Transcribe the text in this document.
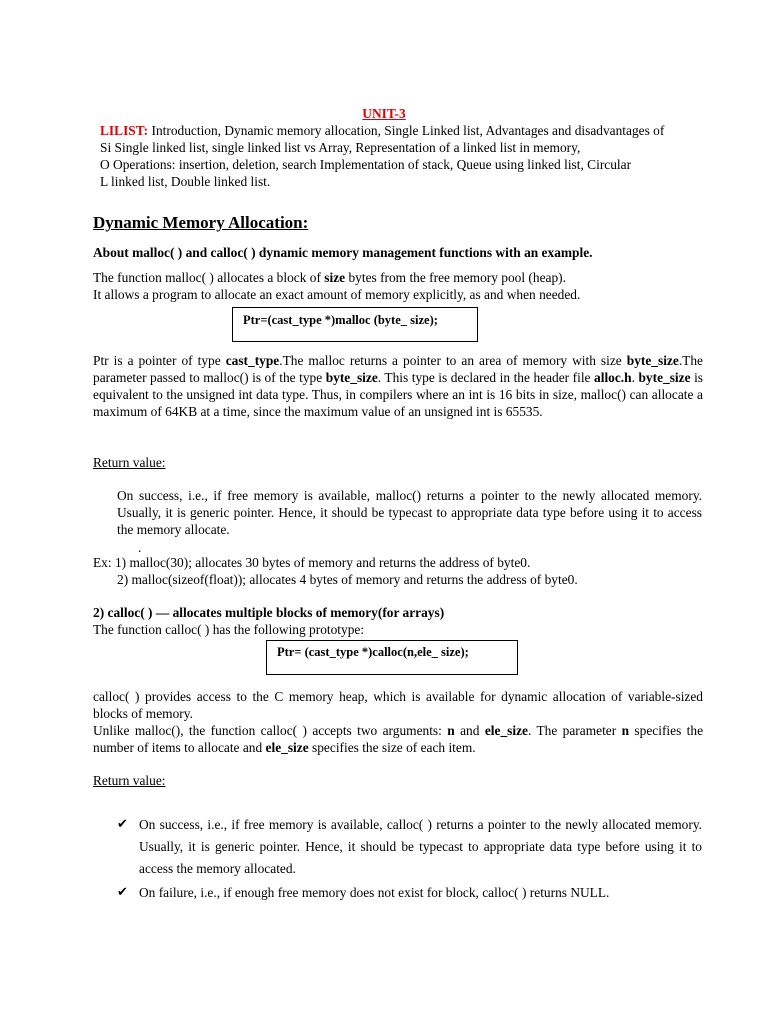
UNIT-3
LILIST: Introduction, Dynamic memory allocation, Single Linked list, Advantages and disadvantages of
Si Single linked list, single linked list vs Array, Representation of a linked list in memory,
O Operations: insertion, deletion, search Implementation of stack, Queue using linked list, Circular
L linked list, Double linked list.
Dynamic Memory Allocation:
About malloc( ) and calloc( ) dynamic memory management functions with an example.
The function malloc( ) allocates a block of size bytes from the free memory pool (heap).
It allows a program to allocate an exact amount of memory explicitly, as and when needed.
Ptr=(cast_type *)malloc (byte_ size);
Ptr is a pointer of type cast_type.The malloc returns a pointer to an area of memory with size byte_size.The parameter passed to malloc() is of the type byte_size. This type is declared in the header file alloc.h. byte_size is equivalent to the unsigned int data type. Thus, in compilers where an int is 16 bits in size, malloc() can allocate a maximum of 64KB at a time, since the maximum value of an unsigned int is 65535.
Return value:
On success, i.e., if free memory is available, malloc() returns a pointer to the newly allocated memory. Usually, it is generic pointer. Hence, it should be typecast to appropriate data type before using it to access the memory allocate.
.
Ex: 1) malloc(30); allocates 30 bytes of memory and returns the address of byte0.
2) malloc(sizeof(float)); allocates 4 bytes of memory and returns the address of byte0.
2) calloc( ) — allocates multiple blocks of memory(for arrays)
The function calloc( ) has the following prototype:
Ptr= (cast_type *)calloc(n,ele_ size);
calloc( ) provides access to the C memory heap, which is available for dynamic allocation of variable-sized blocks of memory.
Unlike malloc(), the function calloc( ) accepts two arguments: n and ele_size. The parameter n specifies the number of items to allocate and ele_size specifies the size of each item.
Return value:
✔ On success, i.e., if free memory is available, calloc( ) returns a pointer to the newly allocated memory. Usually, it is generic pointer. Hence, it should be typecast to appropriate data type before using it to access the memory allocated.
✔ On failure, i.e., if enough free memory does not exist for block, calloc( ) returns NULL.
